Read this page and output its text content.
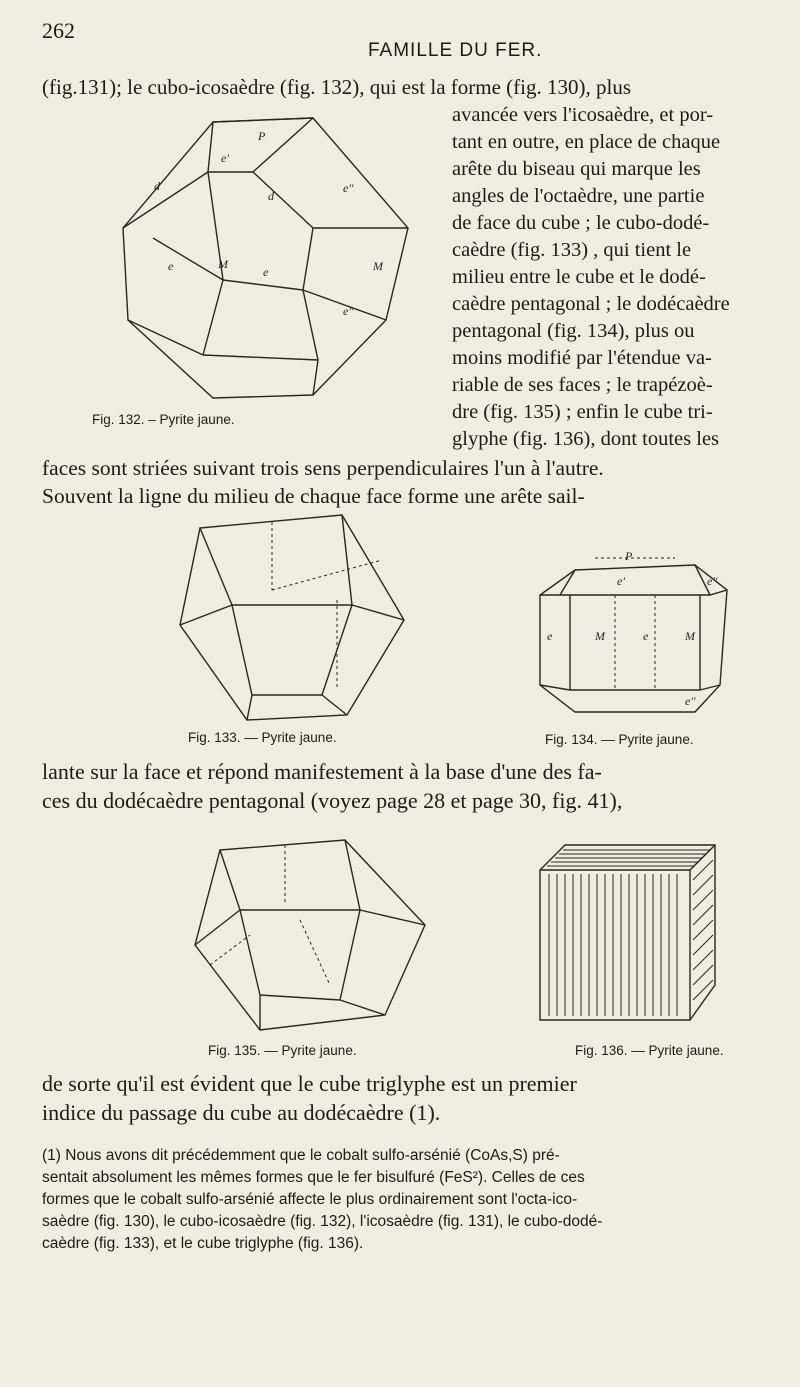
262
FAMILLE DU FER.
(fig.131); le cubo-icosaèdre (fig. 132), qui est la forme (fig. 130), plus
avancée vers l'icosaèdre, et por-
tant en outre, en place de chaque
arête du biseau qui marque les
angles de l'octaèdre, une partie
de face du cube ; le cubo-dodé-
caèdre (fig. 133) , qui tient le
milieu entre le cube et le dodé-
caèdre pentagonal ; le dodécaèdre
pentagonal (fig. 134), plus ou
moins modifié par l'étendue va-
riable de ses faces ; le trapézoè-
dre (fig. 135) ; enfin le cube tri-
glyphe (fig. 136), dont toutes les
faces sont striées suivant trois sens perpendiculaires l'un à l'autre.
Souvent la ligne du milieu de chaque face forme une arête sail-
P
e'
d
d
e''
e	M
e	M
e''
Fig. 132. – Pyrite jaune.
Fig. 133. — Pyrite jaune.
P
e'	e''
e	M	e	M
e''
Fig. 134. — Pyrite jaune.
lante sur la face et répond manifestement à la base d'une des fa-
ces du dodécaèdre pentagonal (voyez page 28 et page 30, fig. 41),
Fig. 135. — Pyrite jaune.	Fig. 136. — Pyrite jaune.
de sorte qu'il est évident que le cube triglyphe est un premier
indice du passage du cube au dodécaèdre (1).
(1) Nous avons dit précédemment que le cobalt sulfo-arsénié (CoAs,S) pré-
sentait absolument les mêmes formes que le fer bisulfuré (FeS²). Celles de ces
formes que le cobalt sulfo-arsénié affecte le plus ordinairement sont l'octa-ico-
saèdre (fig. 130), le cubo-icosaèdre (fig. 132), l'icosaèdre (fig. 131), le cubo-dodé-
caèdre (fig. 133), et le cube triglyphe (fig. 136).
